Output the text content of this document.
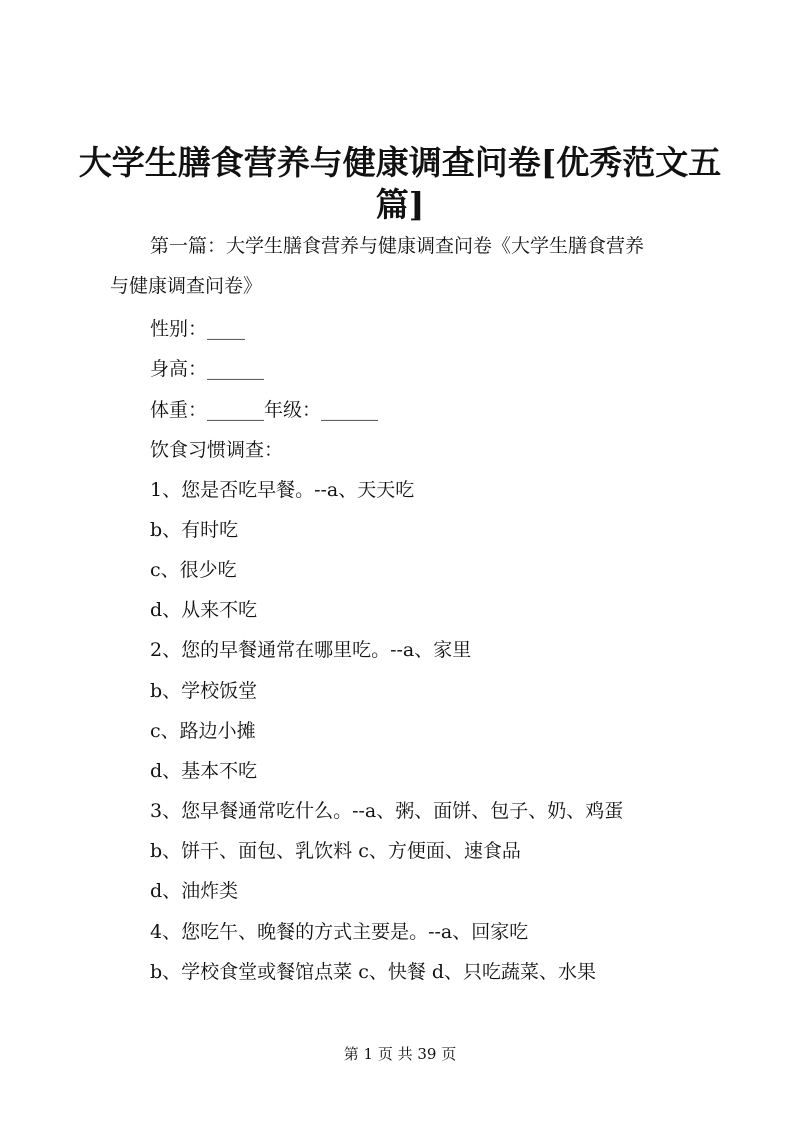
大学生膳食营养与健康调查问卷[优秀范文五
篇]

第一篇：大学生膳食营养与健康调查问卷《大学生膳食营养

与健康调查问卷》

性别：____

身高：______

体重：______年级：______

饮食习惯调查：

1、您是否吃早餐。--a、天天吃

b、有时吃

c、很少吃

d、从来不吃

2、您的早餐通常在哪里吃。--a、家里

b、学校饭堂

c、路边小摊

d、基本不吃

3、您早餐通常吃什么。--a、粥、面饼、包子、奶、鸡蛋

b、饼干、面包、乳饮料 c、方便面、速食品

d、油炸类

4、您吃午、晚餐的方式主要是。--a、回家吃

b、学校食堂或餐馆点菜 c、快餐 d、只吃蔬菜、水果

第 1 页 共 39 页
